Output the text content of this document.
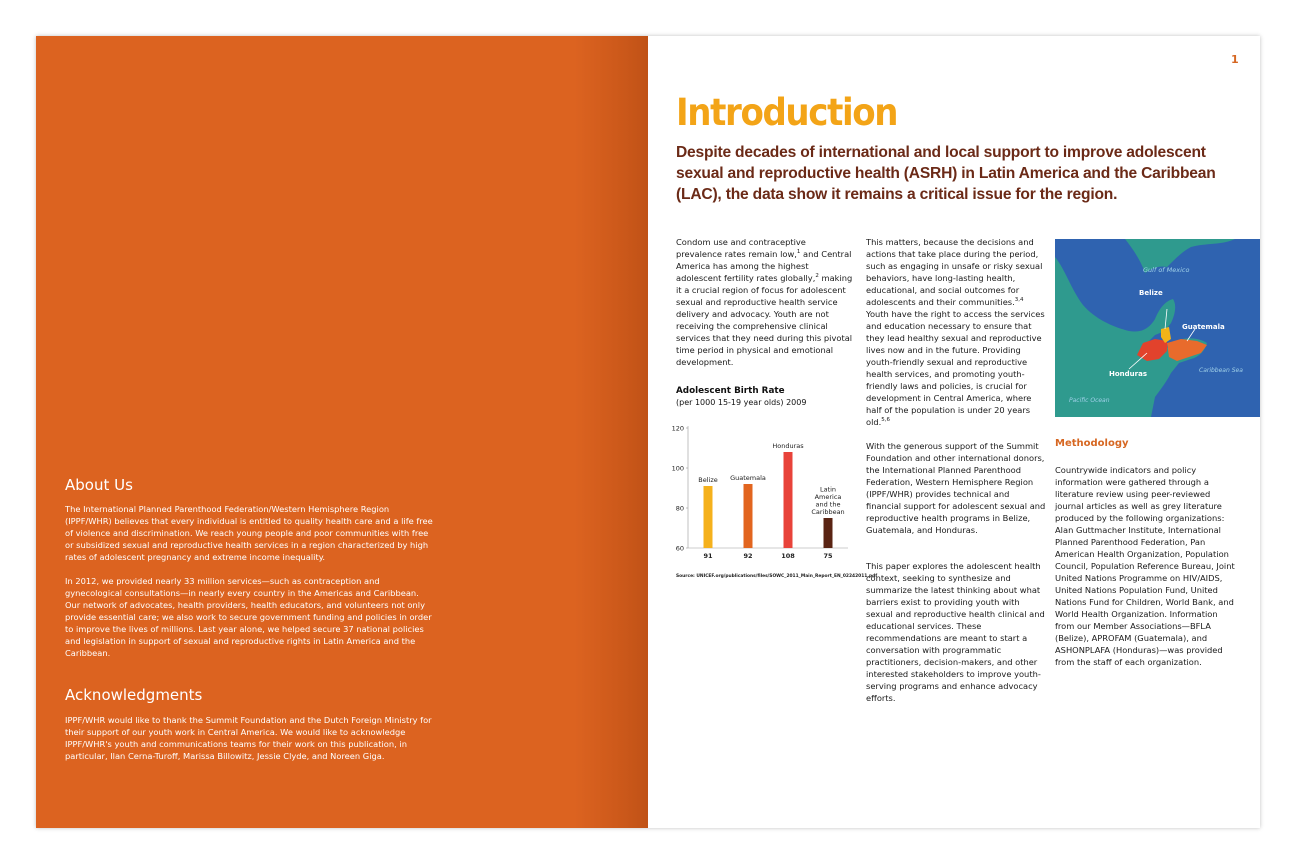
About Us

The International Planned Parenthood Federation/Western Hemisphere Region (IPPF/WHR) believes that every individual is entitled to quality health care and a life free of violence and discrimination. We reach young people and poor communities with free or subsidized sexual and reproductive health services in a region characterized by high rates of adolescent pregnancy and extreme income inequality.

In 2012, we provided nearly 33 million services—such as contraception and gynecological consultations—in nearly every country in the Americas and Caribbean. Our network of advocates, health providers, health educators, and volunteers not only provide essential care; we also work to secure government funding and policies in order to improve the lives of millions. Last year alone, we helped secure 37 national policies and legislation in support of sexual and reproductive rights in Latin America and the Caribbean.

Acknowledgments

IPPF/WHR would like to thank the Summit Foundation and the Dutch Foreign Ministry for their support of our youth work in Central America. We would like to acknowledge IPPF/WHR's youth and communications teams for their work on this publication, in particular, Ilan Cerna-Turoff, Marissa Billowitz, Jessie Clyde, and Noreen Giga.

1
Introduction

Despite decades of international and local support to improve adolescent sexual and reproductive health (ASRH) in Latin America and the Caribbean (LAC), the data show it remains a critical issue for the region.

Condom use and contraceptive prevalence rates remain low,$^1$ and Central America has among the highest adolescent fertility rates globally,$^2$ making it a crucial region of focus for adolescent sexual and reproductive health service delivery and advocacy. Youth are not receiving the comprehensive clinical services that they need during this pivotal time period in physical and emotional development.

Adolescent Birth Rate
(per 1000 15-19 year olds) 2009
60
80
100
120
91
Belize
92
Guatemala
108
Honduras
75
Latin America and the Caribbean
Source: UNICEF.org/publications/files/SOWC_2011_Main_Report_EN_02242011.pdf

This matters, because the decisions and actions that take place during the period, such as engaging in unsafe or risky sexual behaviors, have long-lasting health, educational, and social outcomes for adolescents and their communities.$^{3,4}$ Youth have the right to access the services and education necessary to ensure that they lead healthy sexual and reproductive lives now and in the future. Providing youth-friendly sexual and reproductive health services, and promoting youth-friendly laws and policies, is crucial for development in Central America, where half of the population is under 20 years old.$^{5,6}$

With the generous support of the Summit Foundation and other international donors, the International Planned Parenthood Federation, Western Hemisphere Region (IPPF/WHR) provides technical and financial support for adolescent sexual and reproductive health programs in Belize, Guatemala, and Honduras.

This paper explores the adolescent health context, seeking to synthesize and summarize the latest thinking about what barriers exist to providing youth with sexual and reproductive health clinical and educational services. These recommendations are meant to start a conversation with programmatic practitioners, decision-makers, and other interested stakeholders to improve youth-serving programs and enhance advocacy efforts.

Gulf of Mexico
Belize
Guatemala
Honduras	Caribbean Sea
Pacific Ocean
Methodology

Countrywide indicators and policy information were gathered through a literature review using peer-reviewed journal articles as well as grey literature produced by the following organizations: Alan Guttmacher Institute, International Planned Parenthood Federation, Pan American Health Organization, Population Council, Population Reference Bureau, Joint United Nations Programme on HIV/AIDS, United Nations Population Fund, United Nations Fund for Children, World Bank, and World Health Organization. Information from our Member Associations—BFLA (Belize), APROFAM (Guatemala), and ASHONPLAFA (Honduras)—was provided from the staff of each organization.
